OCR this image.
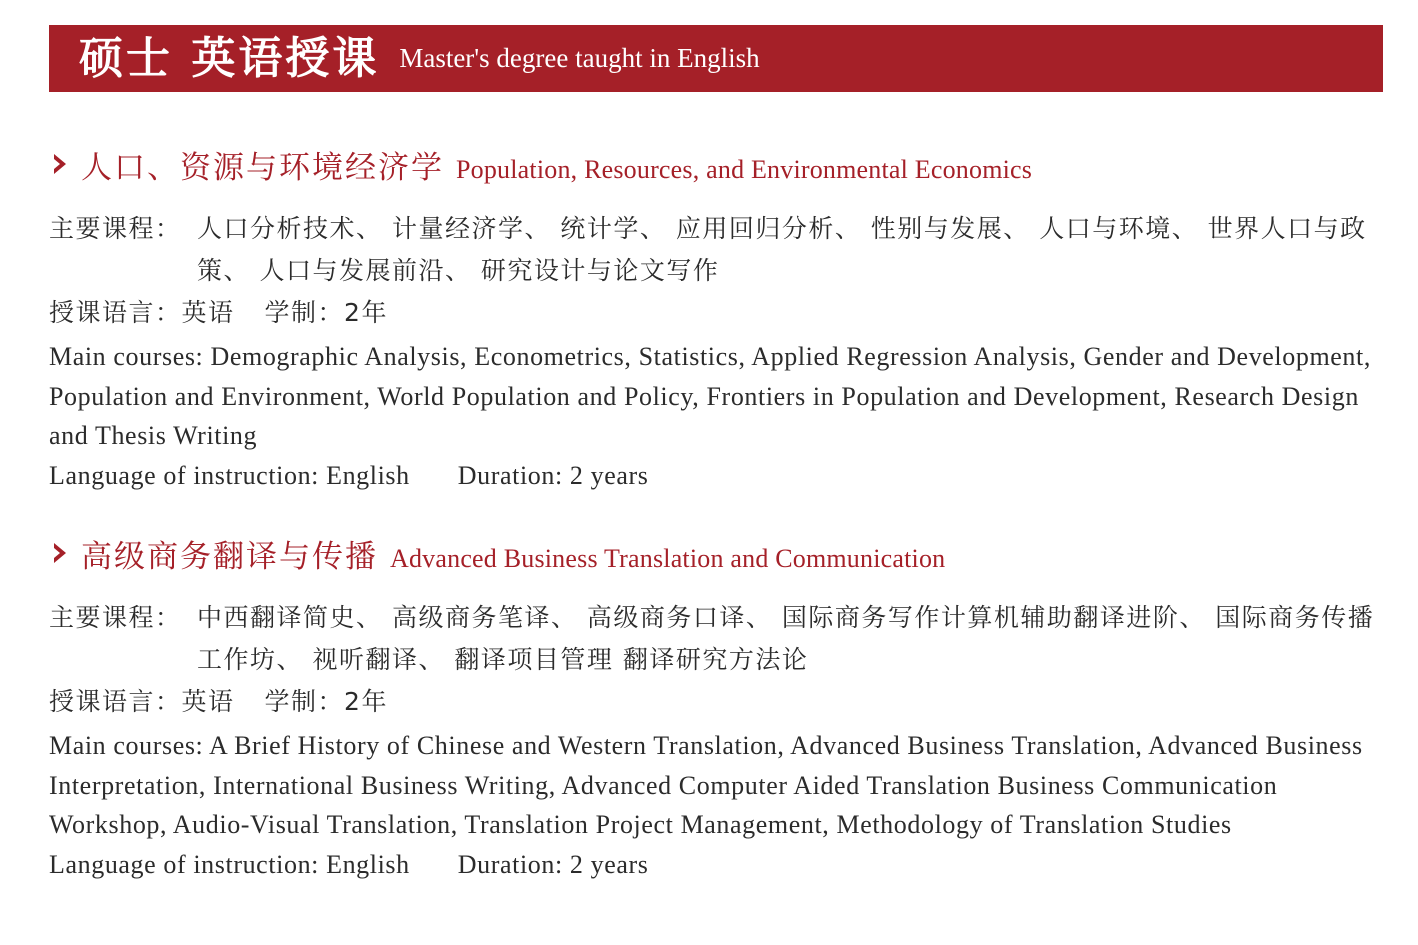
硕士 英语授课 Master's degree taught in English
人口、资源与环境经济学 Population, Resources, and Environmental Economics
主要课程： 人口分析技术、 计量经济学、 统计学、 应用回归分析、 性别与发展、 人口与环境、 世界人口与政策、 人口与发展前沿、 研究设计与论文写作
授课语言： 英语 学制： 2年
Main courses: Demographic Analysis, Econometrics, Statistics, Applied Regression Analysis, Gender and Development, Population and Environment, World Population and Policy, Frontiers in Population and Development, Research Design and Thesis Writing
Language of instruction: English Duration: 2 years
高级商务翻译与传播 Advanced Business Translation and Communication
主要课程： 中西翻译简史、 高级商务笔译、 高级商务口译、 国际商务写作计算机辅助翻译进阶、 国际商务传播工作坊、 视听翻译、 翻译项目管理 翻译研究方法论
授课语言： 英语 学制： 2年
Main courses: A Brief History of Chinese and Western Translation, Advanced Business Translation, Advanced Business Interpretation, International Business Writing, Advanced Computer Aided Translation Business Communication Workshop, Audio-Visual Translation, Translation Project Management, Methodology of Translation Studies
Language of instruction: English Duration: 2 years
